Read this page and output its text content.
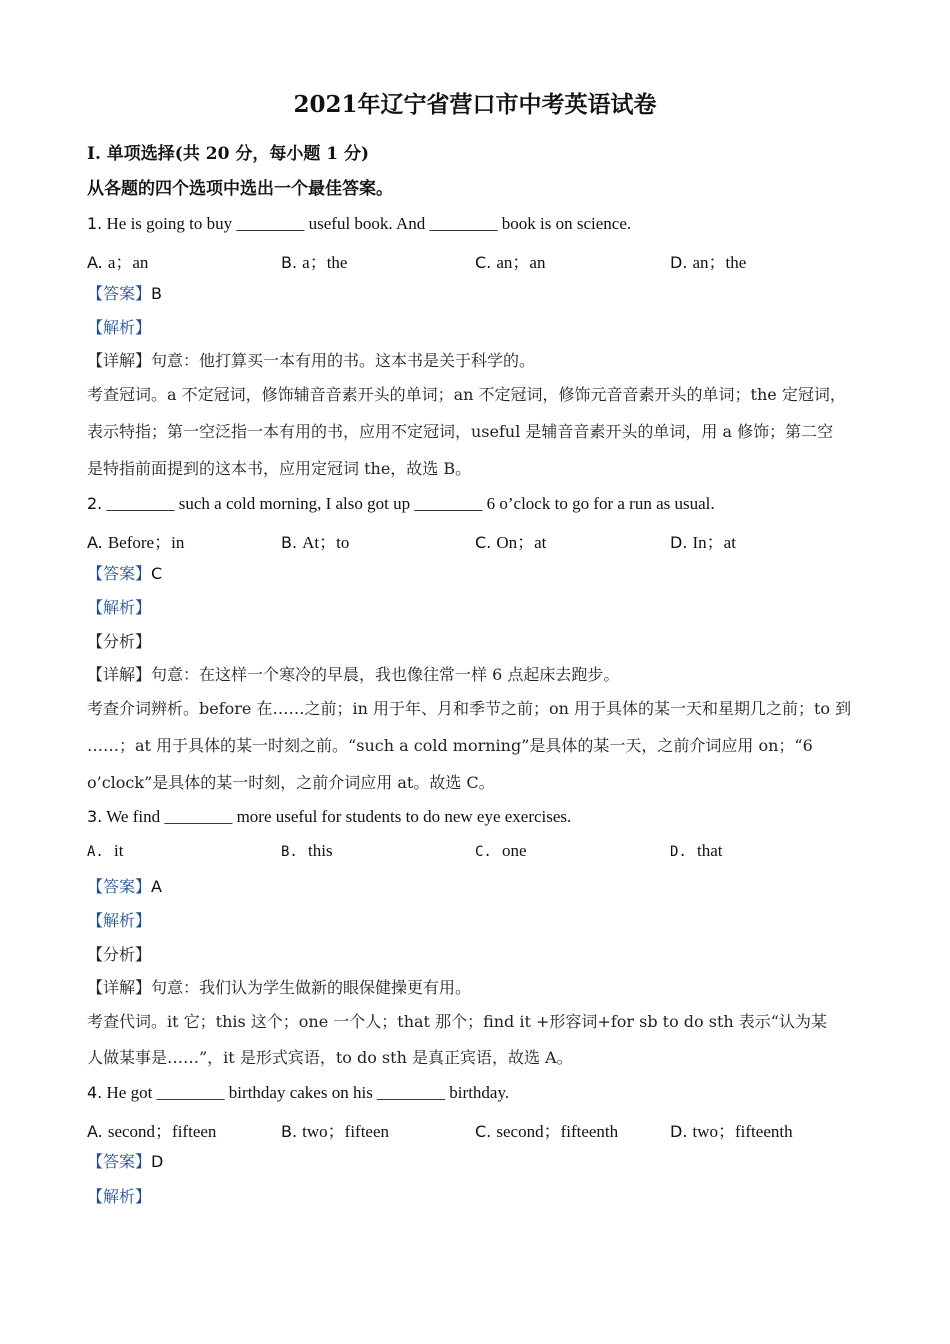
2021年辽宁省营口市中考英语试卷
Ⅰ. 单项选择(共 20 分，每小题 1 分)
从各题的四个选项中选出一个最佳答案。
1. He is going to buy ________ useful book. And ________ book is on science.
A. a；an	B. a；the	C. an；an	D. an；the
【答案】B
【解析】
【详解】句意：他打算买一本有用的书。这本书是关于科学的。
考查冠词。a 不定冠词，修饰辅音音素开头的单词；an 不定冠词，修饰元音音素开头的单词；the 定冠词，
表示特指；第一空泛指一本有用的书，应用不定冠词，useful 是辅音音素开头的单词，用 a 修饰；第二空
是特指前面提到的这本书，应用定冠词 the，故选 B。
2. ________ such a cold morning, I also got up ________ 6 o’clock to go for a run as usual.
A. Before；in	B. At；to	C. On；at	D. In；at
【答案】C
【解析】
【分析】
【详解】句意：在这样一个寒冷的早晨，我也像往常一样 6 点起床去跑步。
考查介词辨析。before 在……之前；in 用于年、月和季节之前；on 用于具体的某一天和星期几之前；to 到
……；at 用于具体的某一时刻之前。“such a cold morning”是具体的某一天，之前介词应用 on；“6
o’clock”是具体的某一时刻，之前介词应用 at。故选 C。
3. We find ________ more useful for students to do new eye exercises.
A. it	B. this	C. one	D. that
【答案】A
【解析】
【分析】
【详解】句意：我们认为学生做新的眼保健操更有用。
考查代词。it 它；this 这个；one 一个人；that 那个；find it +形容词+for sb to do sth 表示“认为某
人做某事是……”，it 是形式宾语，to do sth 是真正宾语，故选 A。
4. He got ________ birthday cakes on his ________ birthday.
A. second；fifteen	B. two；fifteen	C. second；fifteenth	D. two；fifteenth
【答案】D
【解析】
